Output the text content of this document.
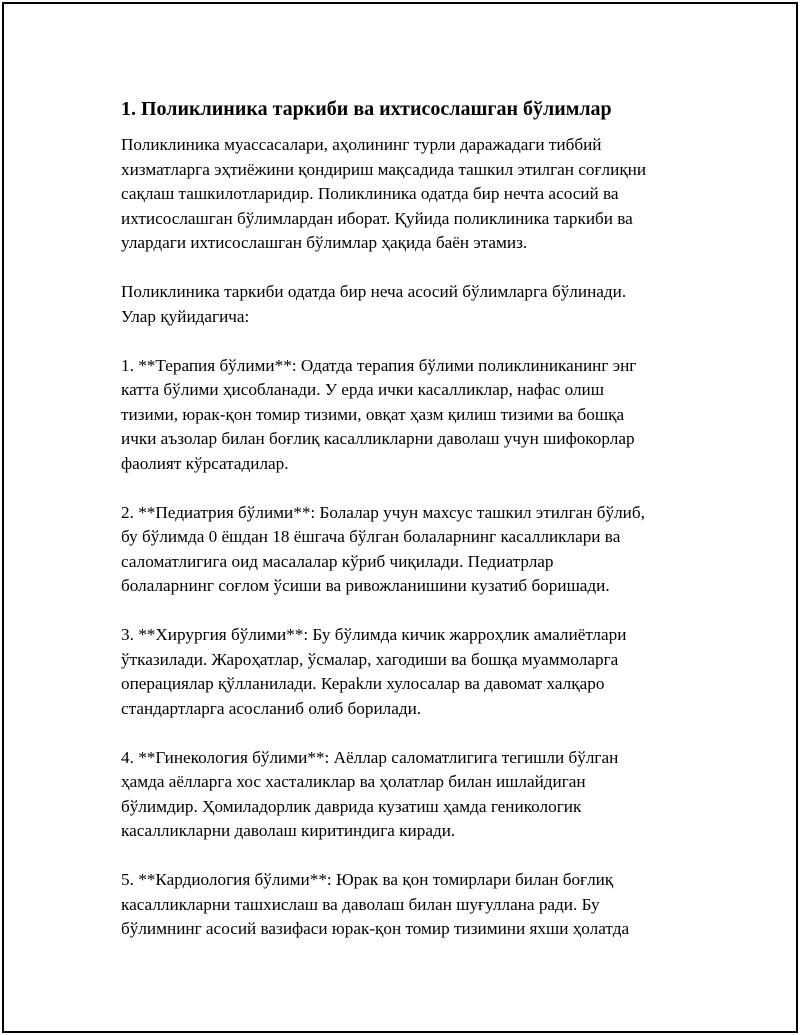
1. Поликлиника таркиби ва ихтисослашган бўлимлар
Поликлиника муассасалари, аҳолининг турли даражадаги тиббий
хизматларга эҳтиёжини қондириш мақсадида ташкил этилган соғлиқни
сақлаш ташкилотларидир. Поликлиника одатда бир нечта асосий ва
ихтисослашган бўлимлардан иборат. Қуйида поликлиника таркиби ва
улардаги ихтисослашган бўлимлар ҳақида баён этамиз.
Поликлиника таркиби одатда бир неча асосий бўлимларга бўлинади.
Улар қуйидагича:
1. **Терапия бўлими**: Одатда терапия бўлими поликлиниканинг энг
катта бўлими ҳисобланади. У ерда ички касалликлар, нафас олиш
тизими, юрак-қон томир тизими, овқат ҳазм қилиш тизими ва бошқа
ички аъзолар билан боғлиқ касалликларни даволаш учун шифокорлар
фаолият кўрсатадилар.
2. **Педиатрия бўлими**: Болалар учун махсус ташкил этилган бўлиб,
бу бўлимда 0 ёшдан 18 ёшгача бўлган болаларнинг касалликлари ва
саломатлигига оид масалалар кўриб чиқилади. Педиатрлар
болаларнинг соғлом ўсиши ва ривожланишини кузатиб боришади.
3. **Хирургия бўлими**: Бу бўлимда кичик жарроҳлик амалиётлари
ўтказилади. Жароҳатлар, ўсмалар, хагодиши ва бошқа муаммоларга
операциялар қўлланилади. Кераkли хулосалар ва давомат халқаро
стандартларга асосланиб олиб борилади.
4. **Гинекология бўлими**: Аёллар саломатлигига тегишли бўлган
ҳамда аёлларга хос хасталиклар ва ҳолатлар билан ишлайдиган
бўлимдир. Ҳомиладорлик даврида кузатиш ҳамда геникологик
касалликларни даволаш киритиндига киради.
5. **Кардиология бўлими**: Юрак ва қон томирлари билан боғлиқ
касалликларни ташхислаш ва даволаш билан шуғуллана ради. Бу
бўлимнинг асосий вазифаси юрак-қон томир тизимини яхши ҳолатда
